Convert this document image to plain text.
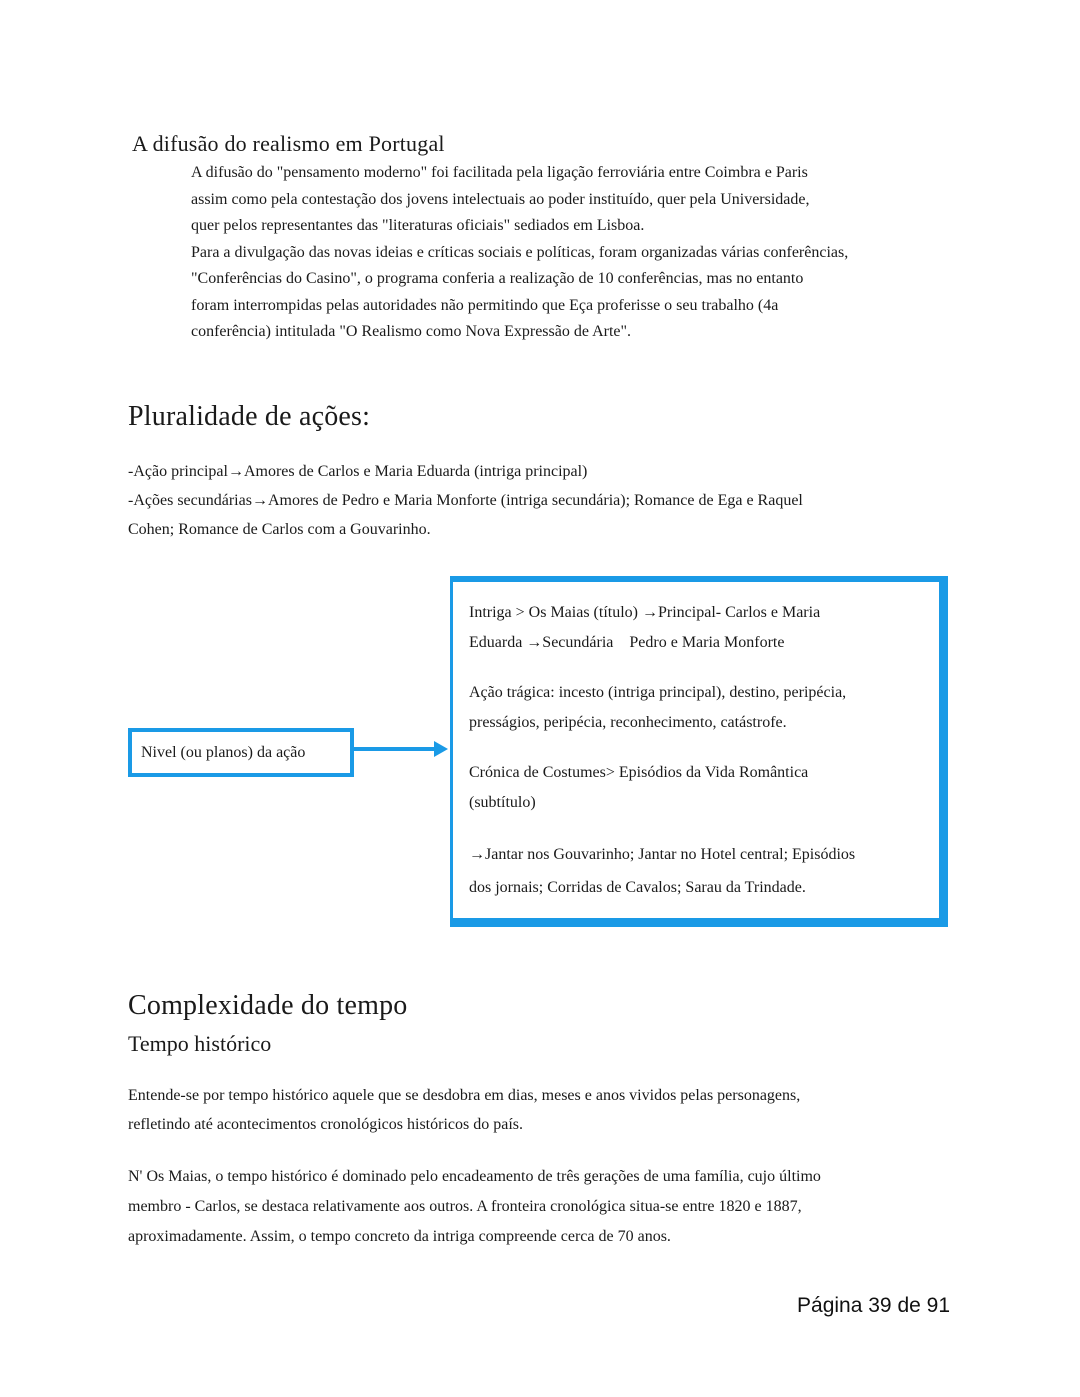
A difusão do realismo em Portugal

A difusão do "pensamento moderno" foi facilitada pela ligação ferroviária entre Coimbra e Paris

assim como pela contestação dos jovens intelectuais ao poder instituído, quer pela Universidade,

quer pelos representantes das "literaturas oficiais" sediados em Lisboa.

Para a divulgação das novas ideias e críticas sociais e políticas, foram organizadas várias conferências,

"Conferências do Casino", o programa conferia a realização de 10 conferências, mas no entanto

foram interrompidas pelas autoridades não permitindo que Eça proferisse o seu trabalho (4a

conferência) intitulada "O Realismo como Nova Expressão de Arte".

Pluralidade de ações:
-Ação principal→Amores de Carlos e Maria Eduarda (intriga principal)
-Ações secundárias→Amores de Pedro e Maria Monforte (intriga secundária); Romance de Ega e Raquel
Cohen; Romance de Carlos com a Gouvarinho.
Nivel (ou planos) da ação

Intriga > Os Maias (título) →Principal- Carlos e Maria
Eduarda →Secundária    Pedro e Maria Monforte

Ação trágica: incesto (intriga principal), destino, peripécia,
presságios, peripécia, reconhecimento, catástrofe.

Crónica de Costumes> Episódios da Vida Romântica
(subtítulo)

→Jantar nos Gouvarinho; Jantar no Hotel central; Episódios
dos jornais; Corridas de Cavalos; Sarau da Trindade.

Complexidade do tempo
Tempo histórico
Entende-se por tempo histórico aquele que se desdobra em dias, meses e anos vividos pelas personagens,
refletindo até acontecimentos cronológicos históricos do país.
N' Os Maias, o tempo histórico é dominado pelo encadeamento de três gerações de uma família, cujo último
membro - Carlos, se destaca relativamente aos outros. A fronteira cronológica situa-se entre 1820 e 1887,
aproximadamente. Assim, o tempo concreto da intriga compreende cerca de 70 anos.
Página 39 de 91
